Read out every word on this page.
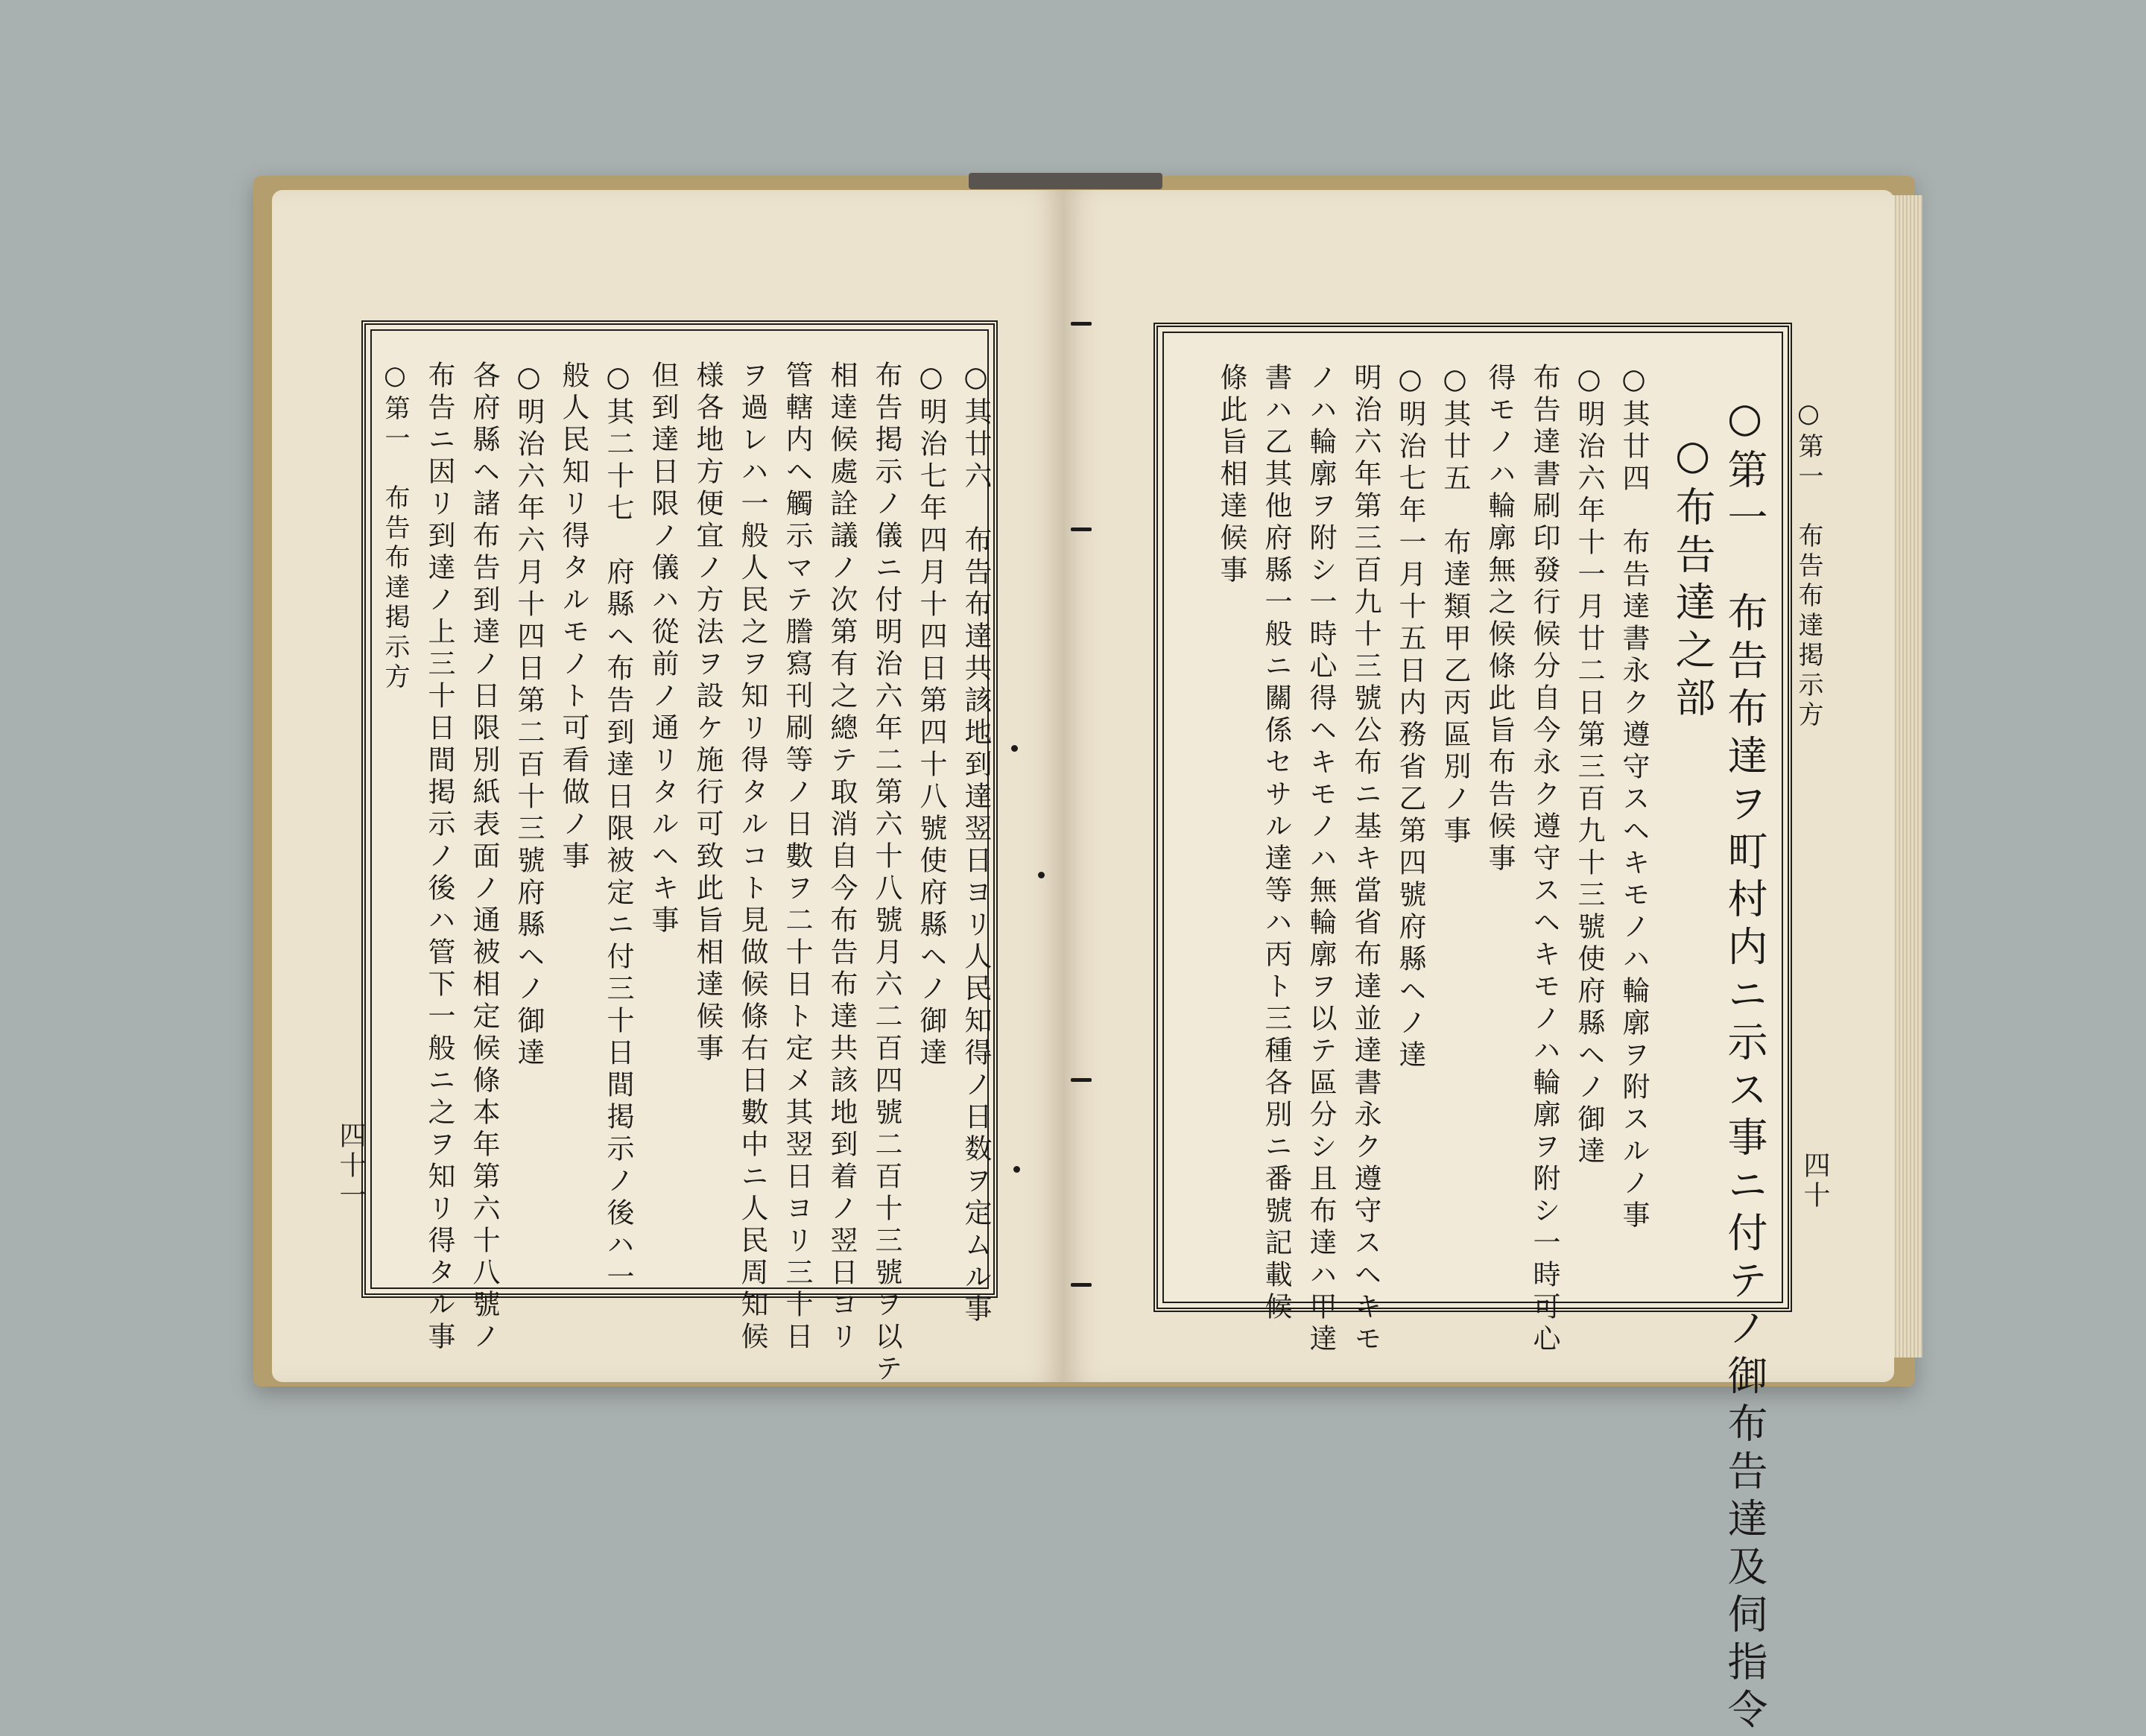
○第一　布告布達掲示方	○其廿六　布告布達共該地到達翌日ヨリ人民知得ノ日数ヲ定ムル事
○明治七年四月十四日第四十八號使府縣ヘノ御達
布告掲示ノ儀ニ付明治六年二第六十八號月六二百四號二百十三號ヲ以テ
相達候處詮議ノ次第有之總テ取消自今布告布達共該地到着ノ翌日ヨリ
管轄内ヘ觸示マテ謄寫刊刷等ノ日數ヲ二十日ト定メ其翌日ヨリ三十日
ヲ過レハ一般人民之ヲ知リ得タルコト見做候條右日數中ニ人民周知候
様各地方便宜ノ方法ヲ設ケ施行可致此旨相達候事
但到達日限ノ儀ハ從前ノ通リタルヘキ事
○其二十七　府縣ヘ布告到達日限被定ニ付三十日間掲示ノ後ハ一
般人民知リ得タルモノト可看做ノ事
○明治六年六月十四日第二百十三號府縣ヘノ御達
各府縣ヘ諸布告到達ノ日限別紙表面ノ通被相定候條本年第六十八號ノ
布告ニ因リ到達ノ上三十日間掲示ノ後ハ管下一般ニ之ヲ知リ得タル事
四十一	○第一　布告布達ヲ町村内ニ示ス事ニ付テノ御布告達及伺指令
○布告達之部
○其廿四　布告達書永ク遵守スヘキモノハ輪廓ヲ附スルノ事
○明治六年十一月廿二日第三百九十三號使府縣ヘノ御達
布告達書刷印發行候分自今永ク遵守スヘキモノハ輪廓ヲ附シ一時可心
得モノハ輪廓無之候條此旨布告候事
○其廿五　布達類甲乙丙區別ノ事
○明治七年一月十五日内務省乙第四號府縣ヘノ達
明治六年第三百九十三號公布ニ基キ當省布達並達書永ク遵守スヘキモ
ノハ輪廓ヲ附シ一時心得ヘキモノハ無輪廓ヲ以テ區分シ且布達ハ甲達
書ハ乙其他府縣一般ニ關係セサル達等ハ丙ト三種各別ニ番號記載候
條此旨相達候事	○第一　布告布達掲示方
四十
